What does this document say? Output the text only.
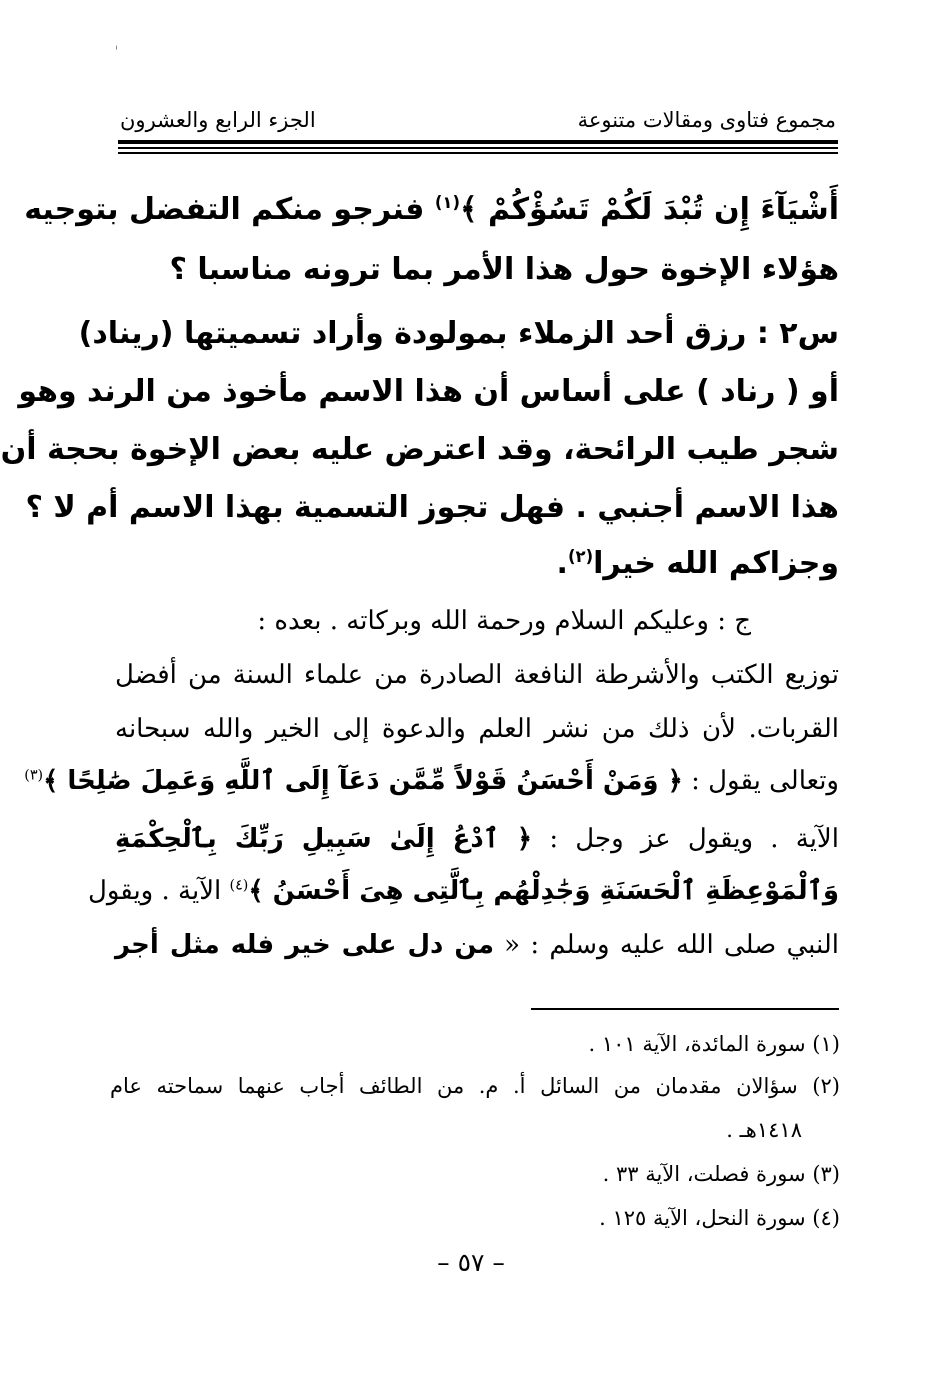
مجموع فتاوى ومقالات متنوعة
الجزء الرابع والعشرون
أَشْيَآءَ إِن تُبْدَ لَكُمْ تَسُؤْكُمْ ﴾$^{(١)}$ فنرجو منكم التفضل بتوجيه
هؤلاء الإخوة حول هذا الأمر بما ترونه مناسبا ؟
س٢ : رزق أحد الزملاء بمولودة وأراد تسميتها (ريناد)
أو ( رناد ) على أساس أن هذا الاسم مأخوذ من الرند وهو
شجر طيب الرائحة، وقد اعترض عليه بعض الإخوة بحجة أن
هذا الاسم أجنبي . فهل تجوز التسمية بهذا الاسم أم لا ؟
وجزاكم الله خيرا$^{(٢)}$.
ج : وعليكم السلام ورحمة الله وبركاته . بعده :
توزيع الكتب والأشرطة النافعة الصادرة من علماء السنة من أفضل
القربات. لأن ذلك من نشر العلم والدعوة إلى الخير والله سبحانه
وتعالى يقول : ﴿ وَمَنْ أَحْسَنُ قَوْلاً مِّمَّن دَعَآ إِلَى ٱللَّهِ وَعَمِلَ صَٰلِحًا ﴾$^{(٣)}$
الآية . ويقول عز وجل : ﴿ ٱدْعُ إِلَىٰ سَبِيلِ رَبِّكَ بِٱلْحِكْمَةِ
وَٱلْمَوْعِظَةِ ٱلْحَسَنَةِ وَجَٰدِلْهُم بِٱلَّتِى هِىَ أَحْسَنُ ﴾$^{(٤)}$ الآية . ويقول
النبي صلى الله عليه وسلم : « من دل على خير فله مثل أجر
(١) سورة المائدة، الآية ١٠١ .
(٢) سؤالان مقدمان من السائل أ. م. من الطائف أجاب عنهما سماحته عام
١٤١٨هـ .
(٣) سورة فصلت، الآية ٣٣ .
(٤) سورة النحل، الآية ١٢٥ .
– ٥٧ –
